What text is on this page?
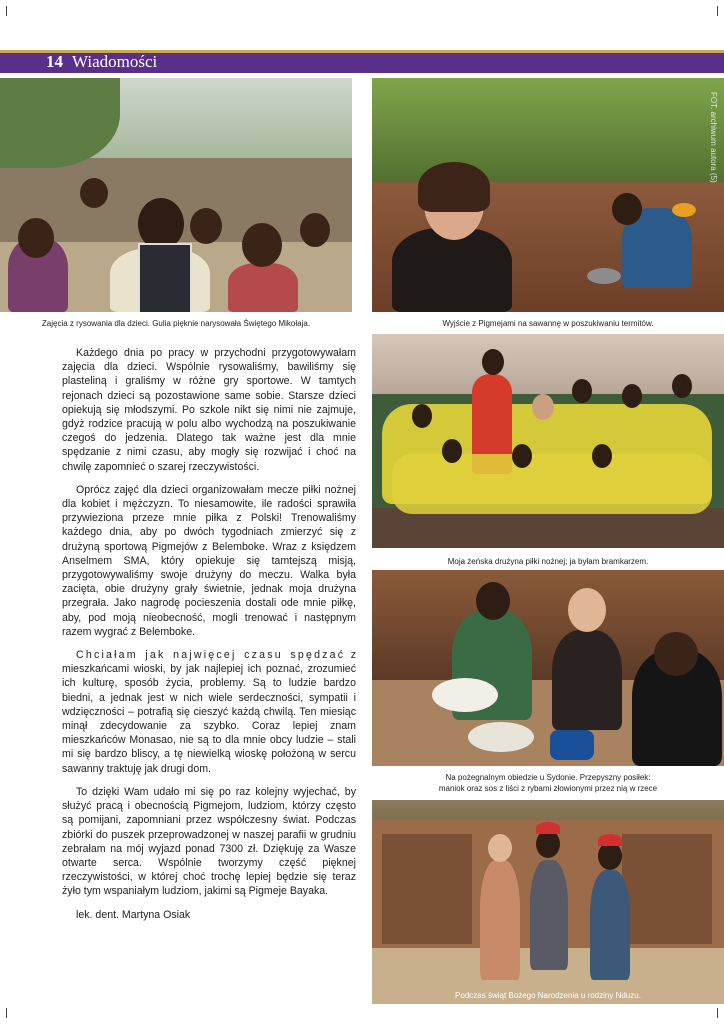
14 Wiadomości
Zajęcia z rysowania dla dzieci. Gulia pięknie narysowała Świętego Mikołaja.
FOT. archiwum autora (5)
Wyjście z Pigmejami na sawannę w poszukiwaniu termitów.
Moja żeńska drużyna piłki nożnej; ja byłam bramkarzem.
Na pożegnalnym obiedzie u Sydonie. Przepyszny posiłek:
maniok oraz sos z liści z rybami złowionymi przez nią w rzece
Podczas świąt Bożego Narodzenia u rodziny Nduzu.

Każdego dnia po pracy w przychodni przygotowywałam zajęcia dla dzieci. Wspólnie rysowaliśmy, bawiliśmy się plasteliną i graliśmy w różne gry sportowe. W tamtych rejonach dzieci są pozostawione same sobie. Starsze dzieci opiekują się młodszymi. Po szkole nikt się nimi nie zajmuje, gdyż rodzice pracują w polu albo wychodzą na poszukiwanie czegoś do jedzenia. Dlatego tak ważne jest dla mnie spędzanie z nimi czasu, aby mogły się rozwijać i choć na chwilę zapomnieć o szarej rzeczywistości.

Oprócz zajęć dla dzieci organizowałam mecze piłki nożnej dla kobiet i mężczyzn. To niesamowite, ile radości sprawiła przywieziona przeze mnie piłka z Polski! Trenowaliśmy każdego dnia, aby po dwóch tygodniach zmierzyć się z drużyną sportową Pigmejów z Belemboke. Wraz z księdzem Anselmem SMA, który opiekuje się tamtejszą misją, przygotowywaliśmy swoje drużyny do meczu. Walka była zacięta, obie drużyny grały świetnie, jednak moja drużyna przegrała. Jako nagrodę pocieszenia dostali ode mnie piłkę, aby, pod moją nieobecność, mogli trenować i następnym razem wygrać z Belemboke.

Chciałam jak najwięcej czasu spędzać z mieszkańcami wioski, by jak najlepiej ich poznać, zrozumieć ich kulturę, sposób życia, problemy. Są to ludzie bardzo biedni, a jednak jest w nich wiele serdeczności, sympatii i wdzięczności – potrafią się cieszyć każdą chwilą. Ten miesiąc minął zdecydowanie za szybko. Coraz lepiej znam mieszkańców Monasao, nie są to dla mnie obcy ludzie – stali mi się bardzo bliscy, a tę niewielką wioskę położoną w sercu sawanny traktuję jak drugi dom.

To dzięki Wam udało mi się po raz kolejny wyjechać, by służyć pracą i obecnością Pigmejom, ludziom, którzy często są pomijani, zapomniani przez współczesny świat. Podczas zbiórki do puszek przeprowadzonej w naszej parafii w grudniu zebrałam na mój wyjazd ponad 7300 zł. Dziękuję za Wasze otwarte serca. Wspólnie tworzymy część pięknej rzeczywistości, w której choć trochę lepiej będzie się teraz żyło tym wspaniałym ludziom, jakimi są Pigmeje Bayaka.

lek. dent. Martyna Osiak
